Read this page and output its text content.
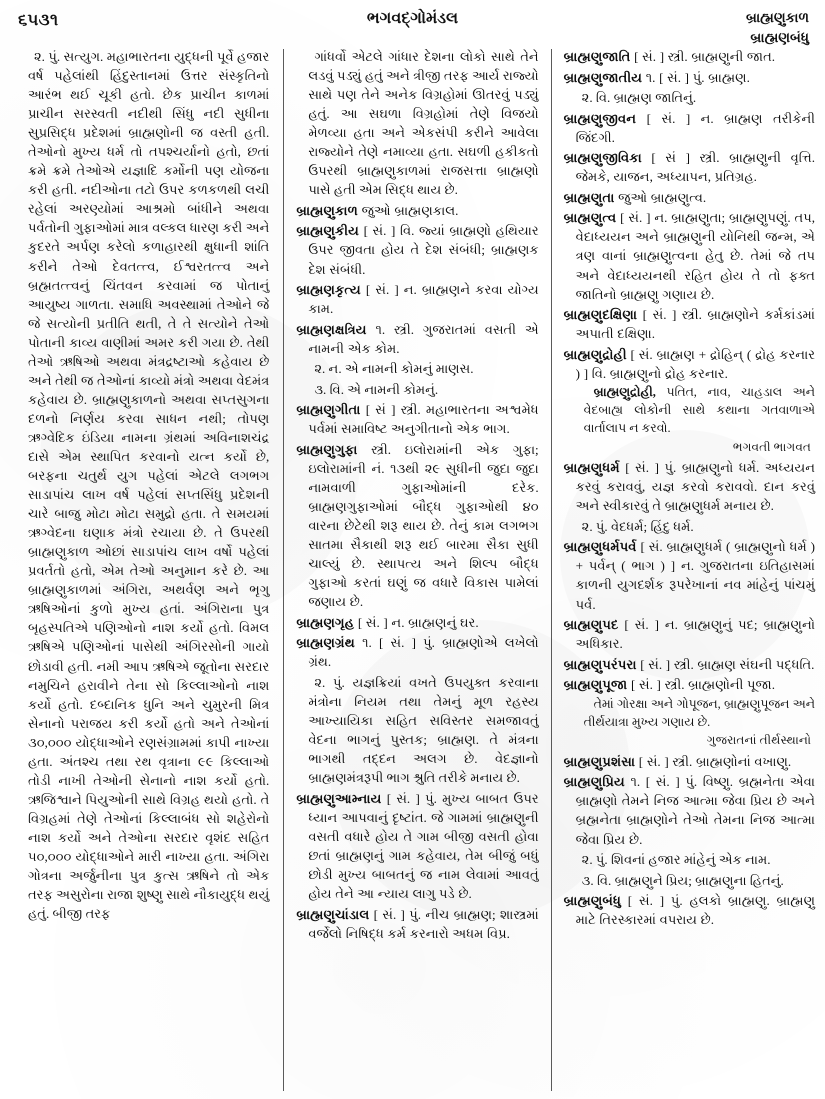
૬૫૩૧	ભગવદ્ગોમંડલ	બ્રાહ્મણુકાળ
બ્રાહ્મણબંધુ

૨. પું. સત્યુગ. મહાભારતના યુદ્ધની પૂર્વે હજાર વર્ષ પહેલાંથી હિંદુસ્તાનમાં ઉત્તર સંસ્કૃતિનો આરંભ થઈ ચૂકી હતો. છેક પ્રાચીન કાળમાં પ્રાચીન સરસ્વતી નદીથી સિંધુ નદી સુધીના સુપ્રસિદ્ધ પ્રદેશમાં બ્રાહ્મણોની જ વસ્તી હતી. તેઓનો મુખ્ય ધર્મ તો તપશ્ચર્યાનો હતો, છતાં ક્રમે ક્રમે તેઓએ યજ્ઞાદિ કર્મોની પણ યોજના કરી હતી. નદીઓના તટો ઉપર કળકળથી લચી રહેલાં અરણ્યોમાં આશ્રમો બાંધીને અથવા પર્વતોની ગુફાઓમાં માત્ર વલ્કલ ધારણ કરી અને કુદરતે અર્પણ કરેલો કળાહારથી ક્ષુધાની શાંતિ કરીને તેઓ દેવતત્ત્વ, ઈશ્વરતત્ત્વ અને બ્રહ્મતત્ત્વનું ચિંતવન કરવામાં જ પોતાનું આયુષ્ય ગાળતા. સમાધિ અવસ્થામાં તેઓને જે જે સત્યોની પ્રતીતિ થતી, તે તે સત્યોને તેઓ પોતાની કાવ્ય વાણીમાં અમર કરી ગયા છે. તેથી તેઓ ઋષિઓ અથવા મંત્રદ્રષ્ટાઓ કહેવાય છે અને તેથી જ તેઓનાં કાવ્યો મંત્રો અથવા વેદમંત્ર કહેવાય છે. બ્રાહ્મણુકાળનો અથવા સપ્તસુગના દળનો નિર્ણય કરવા સાધન નથી; તોપણ ઋગ્વેદિક ઇંડિયા નામના ગ્રંથમાં અવિનાશચંદ્ર દાસે એમ સ્થાપિત કરવાનો યત્ન કર્યો છે, બરફના ચતુર્થ યુગ પહેલાં એટલે લગભગ સાડાપાંચ લાખ વર્ષ પહેલાં સપ્તસિંધુ પ્રદેશની ચારે બાજુ મોટા મોટા સમુદ્રો હતા. તે સમયમાં ઋગ્વેદના ઘણાક મંત્રો રચાયા છે. તે ઉપરથી બ્રાહ્મણુકાળ ઓછાં સાડાપાંચ લાખ વર્ષો પહેલાં પ્રવર્તતો હતો, એમ તેઓ અનુમાન કરે છે. આ બ્રાહ્મણુકાળમાં અંગિરા, અથર્વણ અને ભૃગુ ઋષિઓનાં કુળો મુખ્ય હતાં. અંગિરાના પુત્ર બૃહસ્પતિએ પણિઓનો નાશ કર્યો હતો. વિમલ ઋષિએ પણિઓનાં પાસેથી અંગિરસોની ગાયો છોડાવી હતી. નમી આપ ઋષિએ જૂતોના સરદાર નમુચિને હરાવીને તેના સો કિલ્લાઓનો નાશ કર્યો હતો. દબ્દાનિક ધુનિ અને ચુમુરની મિત્ર સેનાનો પરાજય કરી કર્યો હતો અને તેઓનાં ૩૦,૦૦૦ યોદ્ધાઓને રણસંગ્રામમાં કાપી નાખ્યા હતા. અંતશ્ચ તથા રથ વૃત્રાના ૯૯ કિલ્લાઓ તોડી નાખી તેઓની સેનાનો નાશ કર્યો હતો. ઋજિશ્વાને પિયુઓની સાથે વિગ્રહ થયો હતો. તે વિગ્રહમાં તેણે તેઓનાં કિલ્લાબંધ સો શહેરોનો નાશ કર્યો અને તેઓના સરદાર વૃશંદ સહિત ૫૦,૦૦૦ યોદ્ધાઓને મારી નાખ્યા હતા. અંગિરા ગોત્રના અર્જુનીના પુત્ર કુત્સ ઋષિને તો એક તરફ અસુરોના રાજા શુષ્ણુ સાથે નૌકાયુદ્ધ થયું હતું. બીજી તરફ

ગાંધર્વો એટલે ગાંધાર દેશના લોકો સાથે તેને લડવું પડ્યું હતું અને ત્રીજી તરફ આર્ય રાજ્યો સાથે પણ તેને અનેક વિગ્રહોમાં ઊતરવું પડ્યું હતું. આ સઘળા વિગ્રહોમાં તેણે વિજયો મેળવ્યા હતા અને એકસંપી કરીને આવેલા રાજ્યોને તેણે નમાવ્યા હતા. સઘળી હકીકતો ઉપરથી બ્રાહ્મણુકાળમાં રાજસત્તા બ્રાહ્મણો પાસે હતી એમ સિદ્ધ થાય છે.

બ્રાહ્મણુકાળ જુઓ બ્રાહ્મણકાલ.

બ્રાહ્મણુકીય [ સં. ] વિ. જ્યાં બ્રાહ્મણો હથિયાર ઉપર જીવતા હોય તે દેશ સંબંધી; બ્રાહ્મણક દેશ સંબંધી.

બ્રાહ્મણકૃત્ય [ સં. ] ન. બ્રાહ્મણને કરવા યોગ્ય કામ.

બ્રાહ્મણક્ષત્રિય ૧. સ્ત્રી. ગુજરાતમાં વસતી એ નામની એક કોમ.

૨. ન. એ નામની કોમનું માણસ.

૩. વિ. એ નામની કોમનું.

બ્રાહ્મણુગીતા [ સં ] સ્ત્રી. મહાભારતના અશ્વમેધ પર્વમાં સમાવિષ્ટ અનુગીતાનો એક ભાગ.

બ્રાહ્મણુગુફા સ્ત્રી. ઇલોરામાંની એક ગુફા; ઇલોરામાંની નં. ૧૩થી ૨૯ સુધીની જુદા જુદા નામવાળી ગુફાઓમાંની દરેક. બ્રાહ્મણગુફાઓમાં બૌદ્ધ ગુફાઓથી ૪૦ વારના છેટેથી શરૂ થાય છે. તેનું કામ લગભગ સાતમા સૈકાથી શરૂ થઈ બારમા સૈકા સુધી ચાલ્યું છે. સ્થાપત્ય અને શિલ્પ બૌદ્ધ ગુફાઓ કરતાં ઘણું જ વધારે વિકાસ પામેલાં જણાય છે.

બ્રાહ્મણગૃહ [ સં. ] ન. બ્રાહ્મણનું ઘર.

બ્રાહ્મણગ્રંથ ૧. [ સં. ] પું. બ્રાહ્મણોએ લખેલો ગ્રંથ.

૨. પું. યજ્ઞક્રિયાં વખતે ઉપયુક્ત કરવાના મંત્રોના નિયમ તથા તેમનું મૂળ રહસ્ય આખ્યાયિકા સહિત સવિસ્તર સમજાવતું વેદના ભાગનું પુસ્તક; બ્રાહ્મણ. તે મંત્રના ભાગથી તદ્દન અલગ છે. વેદજ્ઞાનો બ્રાહ્મણમંત્રરૂપી ભાગ શ્રુતિ તરીકે મનાય છે.

બ્રાહ્મણુઆમ્નાય [ સં. ] પું. મુખ્ય બાબત ઉપર ધ્યાન આપવાનું દૃષ્ટાંત. જે ગામમાં બ્રાહ્મણુની વસતી વધારે હોય તે ગામ બીજી વસતી હોવા છતાં બ્રાહ્મણનું ગામ કહેવાય, તેમ બીજું બધું છોડી મુખ્ય બાબતનું જ નામ લેવામાં આવતું હોય તેને આ ન્યાય લાગુ પડે છે.

બ્રાહ્મણુચાંડાલ [ સં. ] પું. નીચ બ્રાહ્મણ; શાસ્ત્રમાં વર્જેલો નિષિદ્ધ કર્મ કરનારો અધમ વિપ્ર.

બ્રાહ્મણુજાતિ [ સં. ] સ્ત્રી. બ્રાહ્મણુની જાત.

બ્રાહ્મણુજાતીય ૧. [ સં. ] પું. બ્રાહ્મણ.

૨. વિ. બ્રાહ્મણ જાતિનું.

બ્રાહ્મણુજીવન [ સં. ] ન. બ્રાહ્મણ તરીકેની જિંદગી.

બ્રાહ્મણુજીવિકા [ સં ] સ્ત્રી. બ્રાહ્મણુની વૃત્તિ. જેમકે, યાજન, અધ્યાપન, પ્રતિગ્રહ.

બ્રાહ્મણુતા જુઓ બ્રાહ્મણુત્વ.

બ્રાહ્મણુત્વ [ સં. ] ન. બ્રાહ્મણુતા; બ્રાહ્મણુપણું. તપ, વેદાધ્યયન અને બ્રાહ્મણુની યોનિથી જન્મ, એ ત્રણ વાનાં બ્રાહ્મણુત્વના હેતુ છે. તેમાં જે તપ અને વેદાધ્યયનથી રહિત હોય તે તો ફક્ત જાતિનો બ્રાહ્મણુ ગણાય છે.

બ્રાહ્મણુદક્ષિણા [ સં. ] સ્ત્રી. બ્રાહ્મણોને કર્મકાંડમાં અપાતી દક્ષિણા.

બ્રાહ્મણુદ્રોહી [ સં. બ્રાહ્મણ + દ્રોહિન્ ( દ્રોહ કરનાર ) ] વિ. બ્રાહ્મણુનો દ્રોહ કરનાર.

બ્રાહ્મણુદ્રોહી, પતિત, નાવ, ચાહડાલ અને વેદબાહ્ય લોકોની સાથે કથાના ગતવાળાએ વાર્તાલાપ ન કરવો.

ભગવતી ભાગવત

બ્રાહ્મણુધર્મ [ સં. ] પું. બ્રાહ્મણુનો ધર્મ. અધ્યયન કરવું કરાવવું, યજ્ઞ કરવો કરાવવો. દાન કરવું અને સ્વીકારવું તે બ્રાહ્મણુધર્મ મનાય છે.

૨. પું. વેદધર્મ; હિંદુ ધર્મ.

બ્રાહ્મણુધર્મપર્વ [ સં. બ્રાહ્મણુધર્મ ( બ્રાહ્મણુનો ધર્મ ) + પર્વન્ ( ભાગ ) ] ન. ગુજરાતના ઇતિહાસમાં કાળની યુગદર્શક રૂપરેખાનાં નવ માંહેનું પાંચમું પર્વ.

બ્રાહ્મણુપદ [ સં. ] ન. બ્રાહ્મણુનું પદ; બ્રાહ્મણુનો અધિકાર.

બ્રાહ્મણુપરંપરા [ સં. ] સ્ત્રી. બ્રાહ્મણ સંઘની પદ્ધતિ.

બ્રાહ્મણુપૂજા [ સં. ] સ્ત્રી. બ્રાહ્મણોની પૂજા.

તેમાં ગોરક્ષા અને ગોપૂજન, બ્રાહ્મણુપૂજન અને તીર્થયાત્રા મુખ્ય ગણાય છે.

ગુજરાતનાં તીર્થસ્થાનો

બ્રાહ્મણુપ્રશંસા [ સં. ] સ્ત્રી. બ્રાહ્મણોનાં વખાણુ.

બ્રાહ્મણુપ્રિય ૧. [ સં. ] પું. વિષ્ણુ. બ્રહ્મનેતા એવા બ્રાહ્મણો તેમને નિજ આત્મા જેવા પ્રિય છે અને બ્રહ્મનેતા બ્રાહ્મણોને તેઓ તેમના નિજ આત્મા જેવા પ્રિય છે.

૨. પું. શિવનાં હજાર માંહેનું એક નામ.

૩. વિ. બ્રાહ્મણુને પ્રિય; બ્રાહ્મણુના હિતનું.

બ્રાહ્મણુબંધુ [ સં. ] પું. હલકો બ્રાહ્મણુ. બ્રાહ્મણુ માટે તિરસ્કારમાં વપરાય છે.
